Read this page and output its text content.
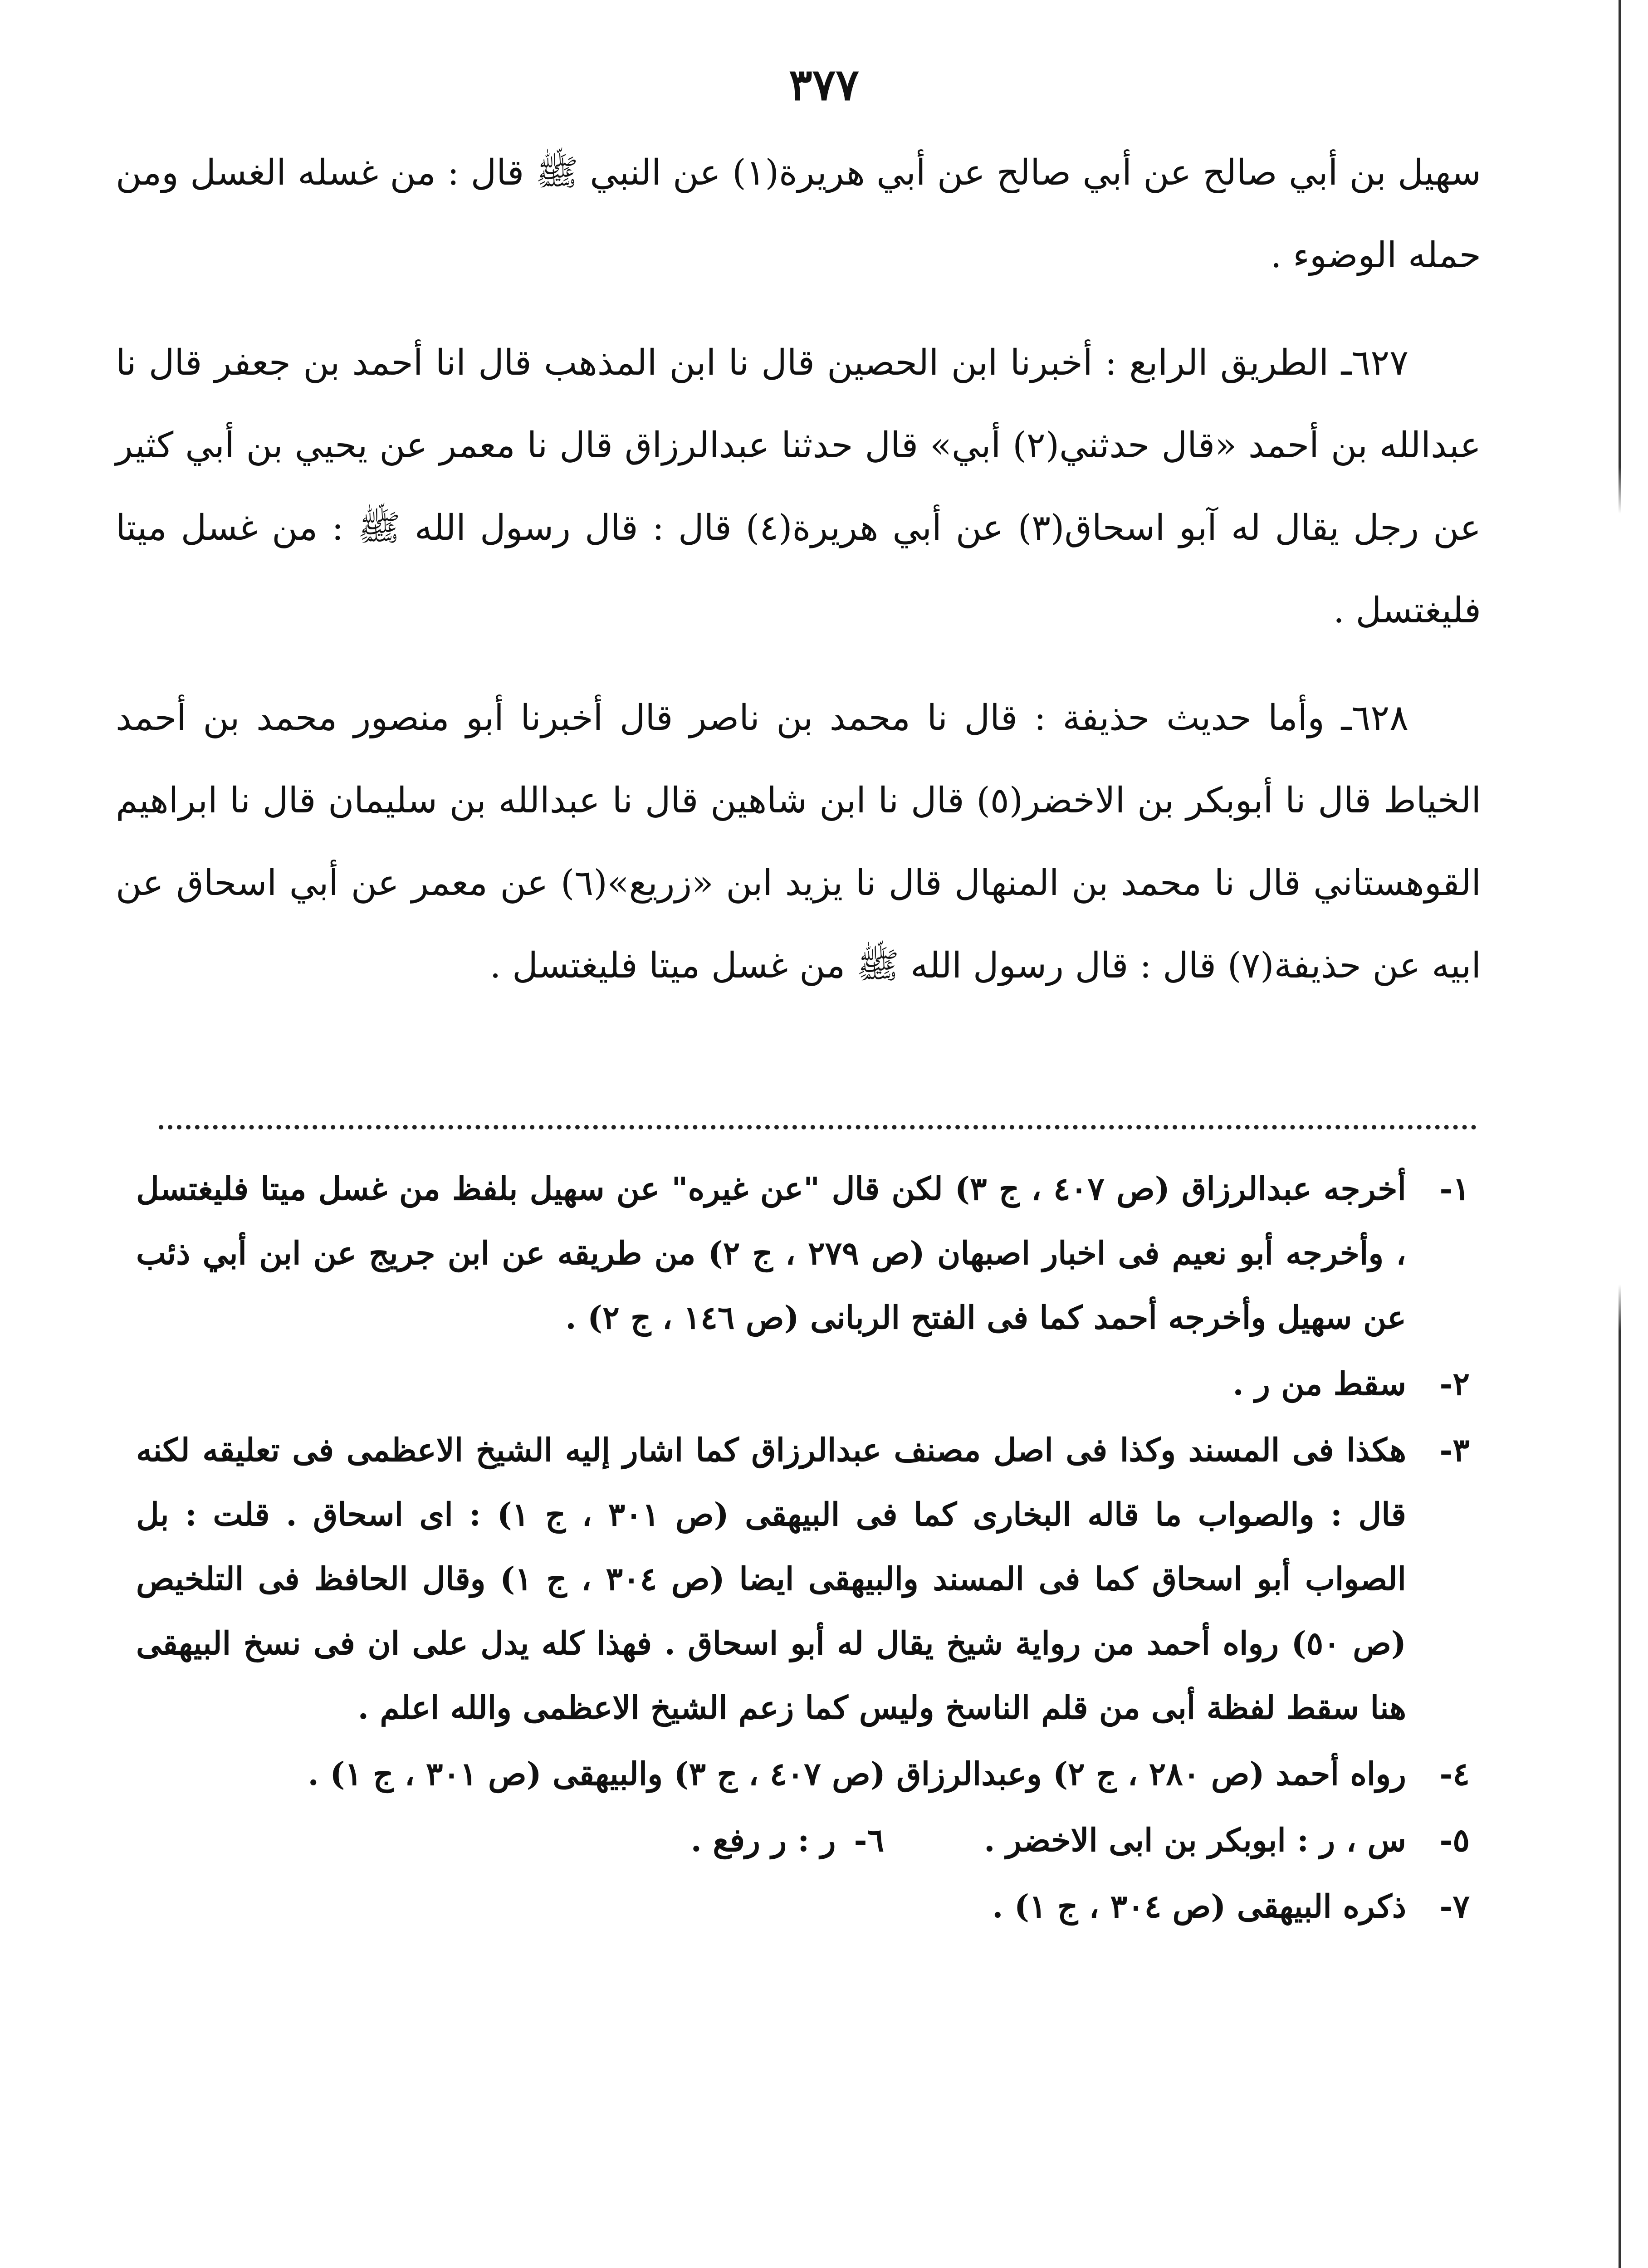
٣٧٧

سهيل بن أبي صالح عن أبي صالح عن أبي هريرة(١) عن النبي ﷺ قال : من غسله الغسل ومن حمله الوضوء .

٦٢٧ـ الطريق الرابع : أخبرنا ابن الحصين قال نا ابن المذهب قال انا أحمد بن جعفر قال نا عبدالله بن أحمد «قال حدثني(٢) أبي» قال حدثنا عبدالرزاق قال نا معمر عن يحيي بن أبي كثير عن رجل يقال له آبو اسحاق(٣) عن أبي هريرة(٤) قال : قال رسول الله ﷺ : من غسل ميتا فليغتسل .

٦٢٨ـ وأما حديث حذيفة : قال نا محمد بن ناصر قال أخبرنا أبو منصور محمد بن أحمد الخياط قال نا أبوبكر بن الاخضر(٥) قال نا ابن شاهين قال نا عبدالله بن سليمان قال نا ابراهيم القوهستاني قال نا محمد بن المنهال قال نا يزيد ابن «زريع»(٦) عن معمر عن أبي اسحاق عن ابيه عن حذيفة(٧) قال : قال رسول الله ﷺ من غسل ميتا فليغتسل .

١-
أخرجه عبدالرزاق (ص ٤٠٧ ، ج ٣) لكن قال "عن غيره" عن سهيل بلفظ من غسل ميتا فليغتسل ، وأخرجه أبو نعيم فى اخبار اصبهان (ص ٢٧٩ ، ج ٢) من طريقه عن ابن جريج عن ابن أبي ذئب عن سهيل وأخرجه أحمد كما فى الفتح الربانى (ص ١٤٦ ، ج ٢) .
٢-
سقط من ر .
٣-
هكذا فى المسند وكذا فى اصل مصنف عبدالرزاق كما اشار إليه الشيخ الاعظمى فى تعليقه لكنه قال : والصواب ما قاله البخارى كما فى البيهقى (ص ٣٠١ ، ج ١) : اى اسحاق . قلت : بل الصواب أبو اسحاق كما فى المسند والبيهقى ايضا (ص ٣٠٤ ، ج ١) وقال الحافظ فى التلخيص (ص ٥٠) رواه أحمد من رواية شيخ يقال له أبو اسحاق . فهذا كله يدل على ان فى نسخ البيهقى هنا سقط لفظة أبى من قلم الناسخ وليس كما زعم الشيخ الاعظمى والله اعلم .
٤-
رواه أحمد (ص ٢٨٠ ، ج ٢) وعبدالرزاق (ص ٤٠٧ ، ج ٣) والبيهقى (ص ٣٠١ ، ج ١) .
٥-
س ، ر : ابوبكر بن ابى الاخضر .
٦-
ر : ر رفع .
٧-
ذكره البيهقى (ص ٣٠٤ ، ج ١) .
